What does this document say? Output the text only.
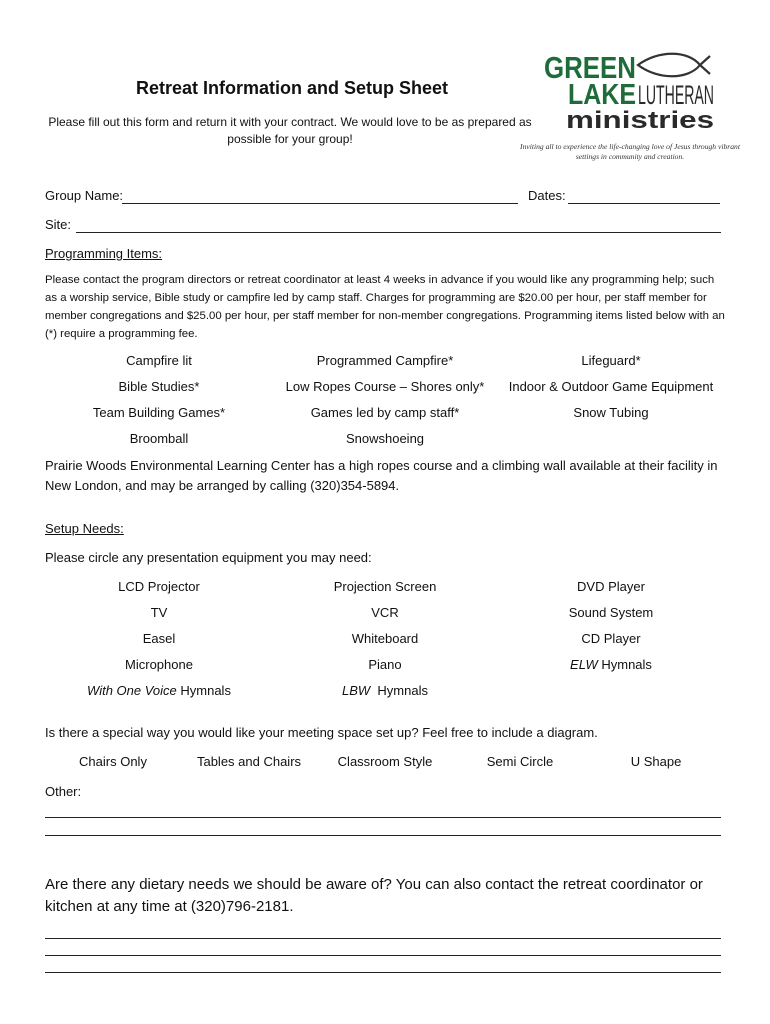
Retreat Information and Setup Sheet
Please fill out this form and return it with your contract. We would love to be as prepared as possible for your group!
GREEN
LAKE LUTHERAN
ministries
Inviting all to experience the life-changing love of Jesus through vibrant settings in community and creation.
Group Name:	Dates:
Site:
Programming Items:
Please contact the program directors or retreat coordinator at least 4 weeks in advance if you would like any programming help; such as a worship service, Bible study or campfire led by camp staff. Charges for programming are $20.00 per hour, per staff member for member congregations and $25.00 per hour, per staff member for non-member congregations. Programming items listed below with an (*) require a programming fee.
Campfire lit	Programmed Campfire*	Lifeguard*
Bible Studies*	Low Ropes Course – Shores only*	Indoor & Outdoor Game Equipment
Team Building Games*	Games led by camp staff*	Snow Tubing
Broomball	Snowshoeing
Prairie Woods Environmental Learning Center has a high ropes course and a climbing wall available at their facility in New London, and may be arranged by calling (320)354-5894.
Setup Needs:
Please circle any presentation equipment you may need:
LCD Projector	Projection Screen	DVD Player
TV	VCR	Sound System
Easel	Whiteboard	CD Player
Microphone	Piano	ELW Hymnals
With One Voice Hymnals	LBW  Hymnals
Is there a special way you would like your meeting space set up? Feel free to include a diagram.
Chairs Only	Tables and Chairs	Classroom Style	Semi Circle	U Shape
Other:
Are there any dietary needs we should be aware of? You can also contact the retreat coordinator or kitchen at any time at (320)796-2181.
